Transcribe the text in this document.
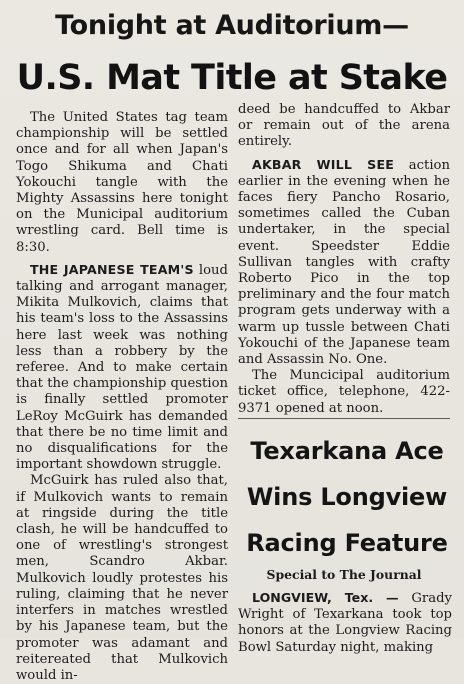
Tonight at Auditorium—
U.S. Mat Title at Stake

The United States tag team championship will be settled once and for all when Japan's Togo Shikuma and Chati Yokouchi tangle with the Mighty Assassins here tonight on the Municipal auditorium wrestling card. Bell time is 8:30.

THE JAPANESE TEAM'S loud talking and arrogant manager, Mikita Mulkovich, claims that his team's loss to the Assassins here last week was nothing less than a robbery by the referee. And to make certain that the championship question is finally settled promoter LeRoy McGuirk has demanded that there be no time limit and no disqualifications for the important showdown struggle.

McGuirk has ruled also that, if Mulkovich wants to remain at ringside during the title clash, he will be handcuffed to one of wrestling's strongest men, Scandro Akbar. Mulkovich loudly protestes his ruling, claiming that he never interfers in matches wrestled by his Japanese team, but the promoter was adamant and reitereated that Mulkovich would in-

deed be handcuffed to Akbar or remain out of the arena entirely.

AKBAR WILL SEE action earlier in the evening when he faces fiery Pancho Rosario, sometimes called the Cuban undertaker, in the special event. Speedster Eddie Sullivan tangles with crafty Roberto Pico in the top preliminary and the four match program gets underway with a warm up tussle between Chati Yokouchi of the Japanese team and Assassin No. One.

The Muncicipal auditorium ticket office, telephone, 422-9371 opened at noon.

Texarkana Ace
Wins Longview
Racing Feature
Special to The Journal

LONGVIEW, Tex. — Grady Wright of Texarkana took top honors at the Longview Racing Bowl Saturday night, making
